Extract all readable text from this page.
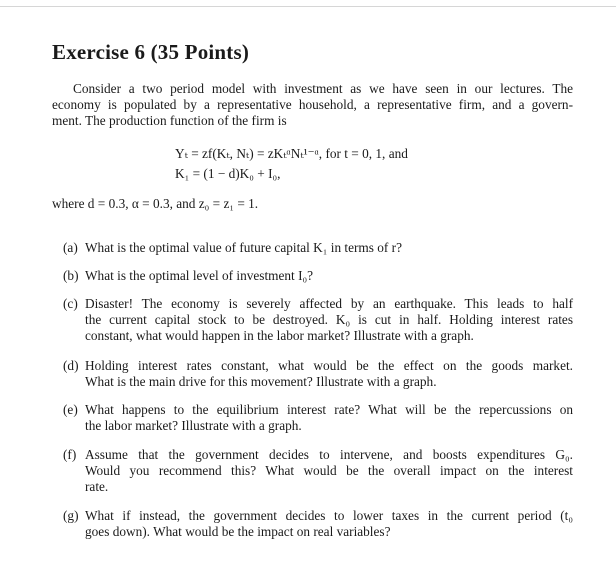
Exercise 6 (35 Points)
Consider a two period model with investment as we have seen in our lectures. The
economy is populated by a representative household, a representative firm, and a govern-
ment. The production function of the firm is
Yₜ = zf(Kₜ, Nₜ) = zKₜᵅNₜ¹⁻ᵅ, for t = 0, 1, and
K₁ = (1 − d)K₀ + I₀,
where d = 0.3, α = 0.3, and z₀ = z₁ = 1.
(a) What is the optimal value of future capital K₁ in terms of r?
(b) What is the optimal level of investment I₀?
(c) Disaster! The economy is severely affected by an earthquake. This leads to half
the current capital stock to be destroyed. K₀ is cut in half. Holding interest rates
constant, what would happen in the labor market? Illustrate with a graph.
(d) Holding interest rates constant, what would be the effect on the goods market.
What is the main drive for this movement? Illustrate with a graph.
(e) What happens to the equilibrium interest rate? What will be the repercussions on
the labor market? Illustrate with a graph.
(f) Assume that the government decides to intervene, and boosts expenditures G₀.
Would you recommend this? What would be the overall impact on the interest
rate.
(g) What if instead, the government decides to lower taxes in the current period (t₀
goes down). What would be the impact on real variables?
